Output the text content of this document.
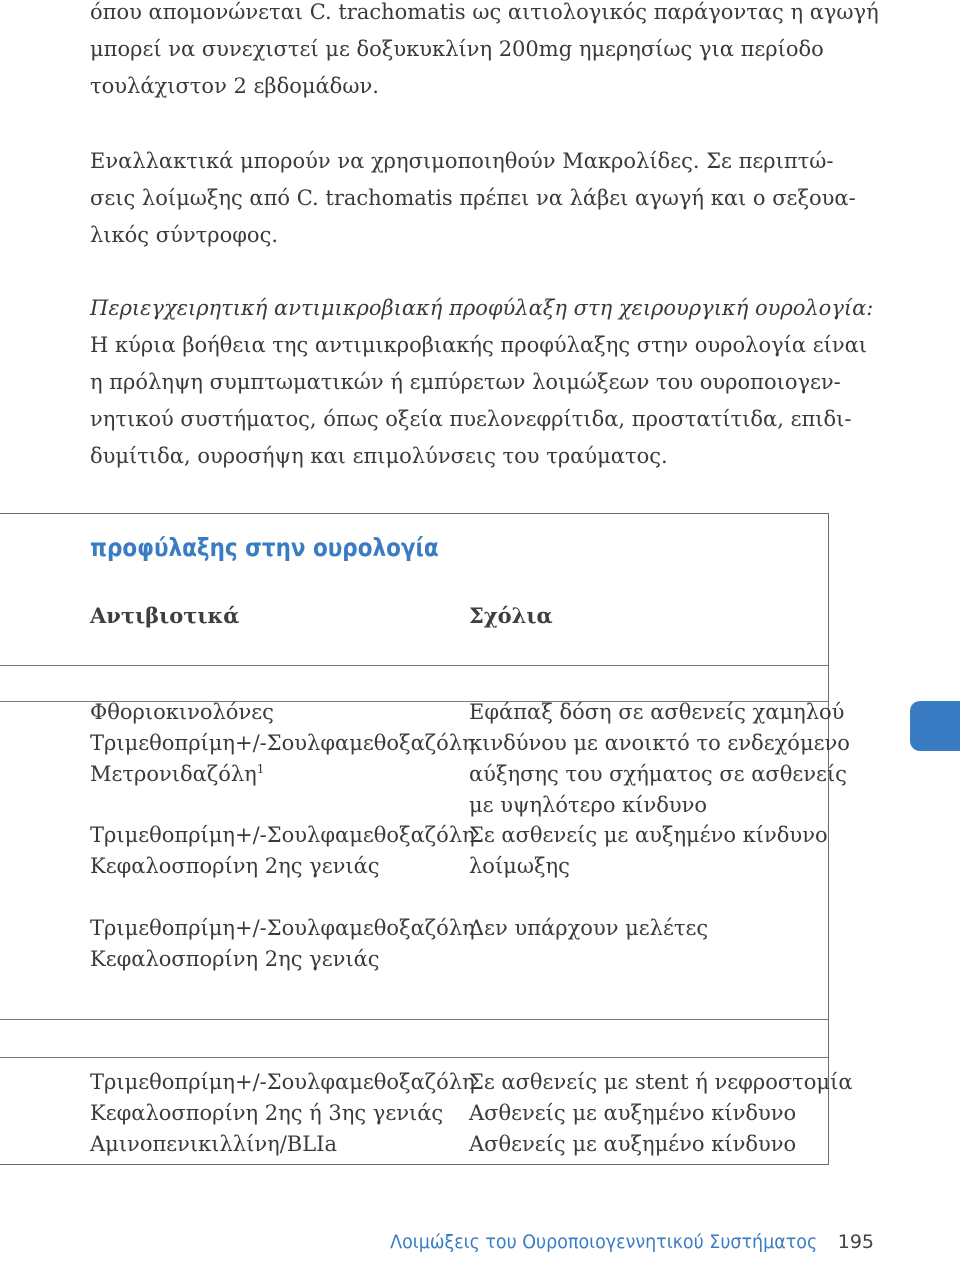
όπου απομονώνεται C. trachomatis ως αιτιολογικός παράγοντας η αγωγή
μπορεί να συνεχιστεί με δοξυκυκλίνη 200mg ημερησίως για περίοδο
τουλάχιστον 2 εβδομάδων.

Εναλλακτικά μπορούν να χρησιμοποιηθούν Μακρολίδες. Σε περιπτώ-
σεις λοίμωξης από C. trachomatis πρέπει να λάβει αγωγή και ο σεξουα-
λικός σύντροφος.

Περιεγχειρητική αντιμικροβιακή προφύλαξη στη χειρουργική ουρολογία:
Η κύρια βοήθεια της αντιμικροβιακής προφύλαξης στην ουρολογία είναι
η πρόληψη συμπτωματικών ή εμπύρετων λοιμώξεων του ουροποιογεν-
νητικού συστήματος, όπως οξεία πυελονεφρίτιδα, προστατίτιδα, επιδι-
δυμίτιδα, ουροσήψη και επιμολύνσεις του τραύματος.

προφύλαξης στην ουρολογία
Αντιβιοτικά	Σχόλια
Φθοριοκινολόνες
Τριμεθοπρίμη+/-Σουλφαμεθοξαζόλη
Μετρονιδαζόλη$^1$
Εφάπαξ δόση σε ασθενείς χαμηλού
κινδύνου με ανοικτό το ενδεχόμενο
αύξησης του σχήματος σε ασθενείς
με υψηλότερο κίνδυνο
Τριμεθοπρίμη+/-Σουλφαμεθοξαζόλη
Κεφαλοσπορίνη 2ης γενιάς
Σε ασθενείς με αυξημένο κίνδυνο
λοίμωξης
Τριμεθοπρίμη+/-Σουλφαμεθοξαζόλη
Κεφαλοσπορίνη 2ης γενιάς
Δεν υπάρχουν μελέτες
Τριμεθοπρίμη+/-Σουλφαμεθοξαζόλη
Κεφαλοσπορίνη 2ης ή 3ης γενιάς
Αμινοπενικιλλίνη/BLIa
Σε ασθενείς με stent ή νεφροστομία
Ασθενείς με αυξημένο κίνδυνο
Ασθενείς με αυξημένο κίνδυνο
Λοιμώξεις του Ουροποιογεννητικού Συστήματος 195
